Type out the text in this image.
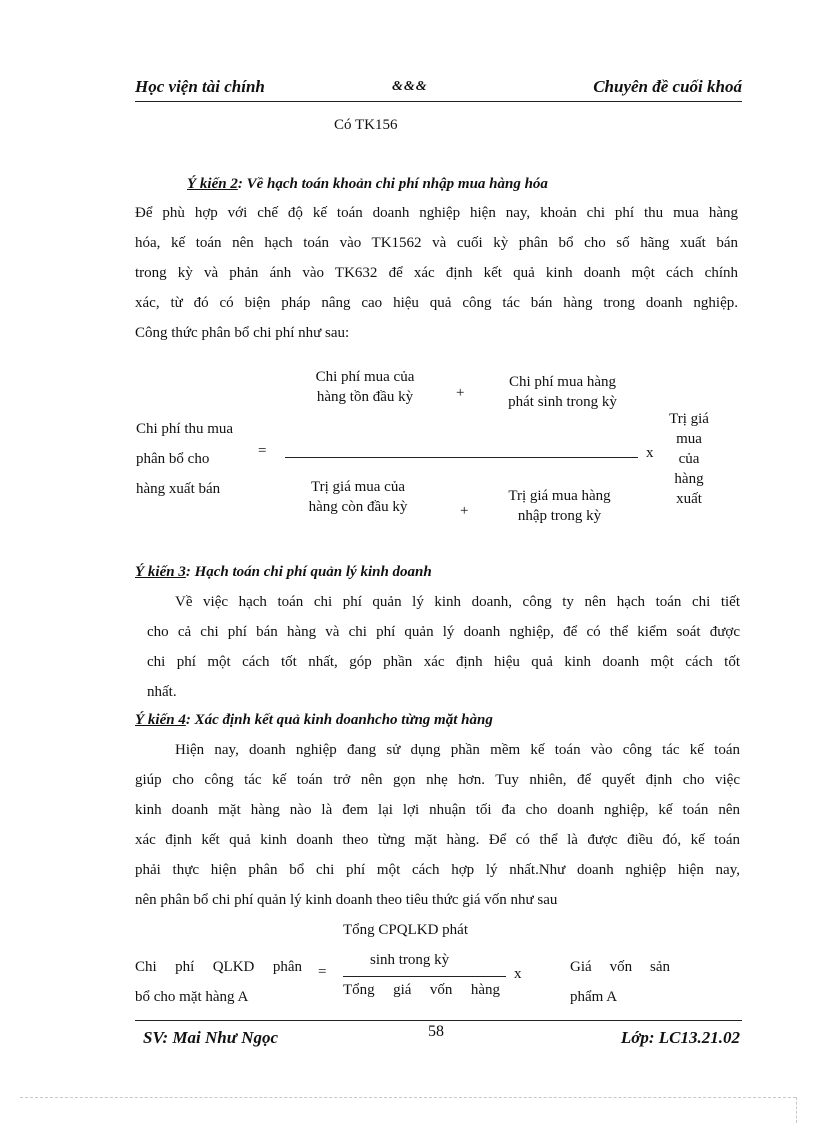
Học viện tài chính	&&&	Chuyên đề cuối khoá
Có TK156
Ý kiến 2: Về hạch toán khoản chi phí nhập mua hàng hóa
Để phù hợp với chế độ kế toán doanh nghiệp hiện nay, khoản chi phí thu mua hàng
hóa, kế toán nên hạch toán vào TK1562 và cuối kỳ phân bổ cho số hãng xuất bán
trong kỳ và phản ánh vào TK632 để xác định kết quả kinh doanh một cách chính
xác, từ đó có biện pháp nâng cao hiệu quả công tác bán hàng trong doanh nghiệp.
Công thức phân bổ chi phí như sau:
Chi phí mua của
hàng tồn đầu kỳ	+
Chi phí mua hàng
phát sinh trong kỳ
Chi phí thu mua
phân bổ cho
hàng xuất bán
=	x
Trị giá
mua
của
hàng
xuất
Trị giá mua của
hàng còn đầu kỳ	+
Trị giá mua hàng
nhập trong kỳ
Ý kiến 3: Hạch toán chi phí quản lý kinh doanh
Về việc hạch toán chi phí quản lý kinh doanh, công ty nên hạch toán chi tiết
cho cả chi phí bán hàng và chi phí quản lý doanh nghiệp, để có thể kiểm soát được
chi phí một cách tốt nhất, góp phần xác định hiệu quả kinh doanh một cách tốt
nhất.
Ý kiến 4: Xác định kết quả kinh doanhcho từng mặt hàng
Hiện nay, doanh nghiệp đang sử dụng phần mềm kế toán vào công tác kế toán
giúp cho công tác kế toán trở nên gọn nhẹ hơn. Tuy nhiên, để quyết định cho việc
kinh doanh mặt hàng nào là đem lại lợi nhuận tối đa cho doanh nghiệp, kế toán nên
xác định kết quả kinh doanh theo từng mặt hàng. Để có thể là được điều đó, kế toán
phải thực hiện phân bổ chi phí một cách hợp lý nhất.Như doanh nghiệp hiện nay,
nên phân bổ chi phí quản lý kinh doanh theo tiêu thức giá vốn như sau
Tổng CPQLKD phát
Chi phí QLKD phân
bổ cho mặt hàng A
sinh trong kỳ
=	x
Tổng giá vốn hàng
Giá vốn sản
phẩm A
SV: Mai Như Ngọc	58	Lớp: LC13.21.02
